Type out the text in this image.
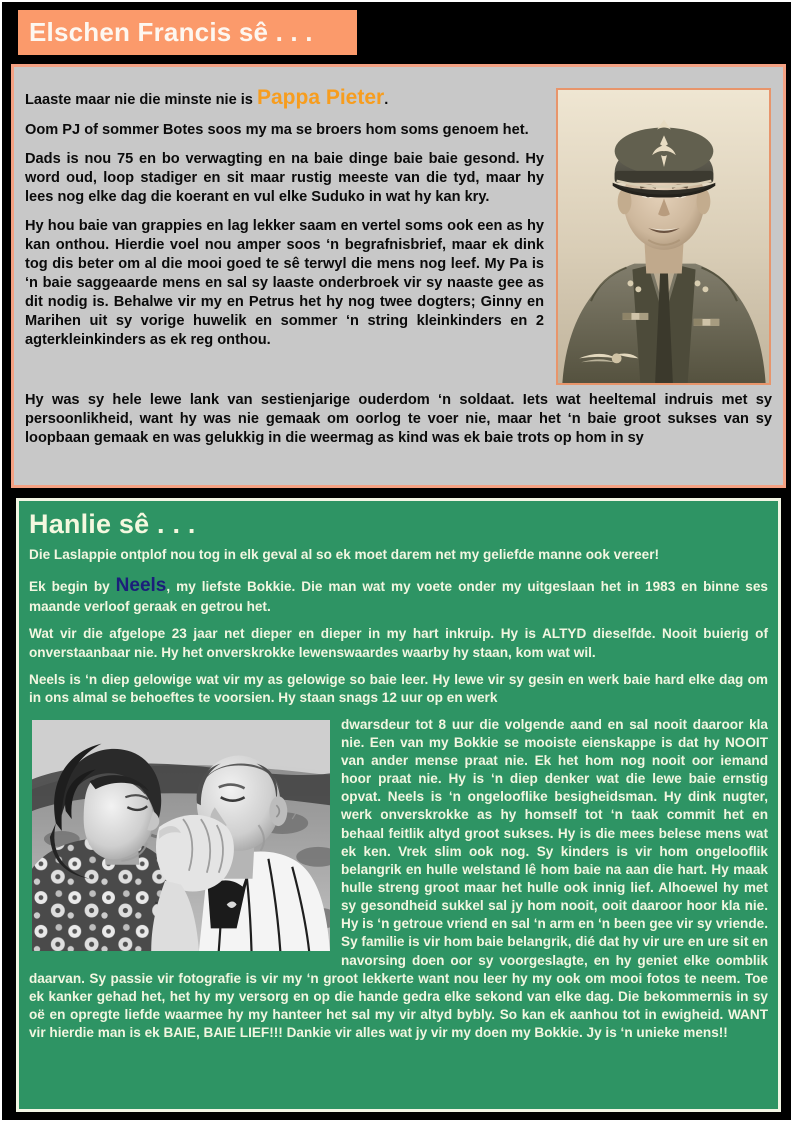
Elschen Francis sê . . .

Laaste maar nie die minste nie is Pappa Pieter.

Oom PJ of sommer Botes soos my ma se broers hom soms genoem het.

Dads is nou 75 en bo verwagting en na baie dinge baie baie gesond. Hy word oud, loop stadiger en sit maar rustig meeste van die tyd, maar hy lees nog elke dag die koerant en vul elke Suduko in wat hy kan kry.

Hy hou baie van grappies en lag lekker saam en vertel soms ook een as hy kan onthou. Hierdie voel nou amper soos ‘n begrafnisbrief, maar ek dink tog dis beter om al die mooi goed te sê terwyl die mens nog leef. My Pa is ‘n baie saggeaarde mens en sal sy laaste onderbroek vir sy naaste gee as dit nodig is. Behalwe vir my en Petrus het hy nog twee dogters; Ginny en Marihen uit sy vorige huwelik en sommer ‘n string kleinkinders en 2 agterkleinkinders as ek reg onthou.

Hy was sy hele lewe lank van sestienjarige ouderdom ‘n soldaat. Iets wat heeltemal indruis met sy persoonlikheid, want hy was nie gemaak om oorlog te voer nie, maar het ‘n baie groot sukses van sy loopbaan gemaak en was gelukkig in die weermag as kind was ek baie trots op hom in sy

Hanlie sê . . .

Die Laslappie ontplof nou tog in elk geval al so ek moet darem net my geliefde manne ook vereer!

Ek begin by Neels, my liefste Bokkie. Die man wat my voete onder my uitgeslaan het in 1983 en binne ses maande verloof geraak en getrou het.

Wat vir die afgelope 23 jaar net dieper en dieper in my hart inkruip. Hy is ALTYD dieselfde. Nooit buierig of onverstaanbaar nie. Hy het onverskrokke lewenswaardes waarby hy staan, kom wat wil.

Neels is ‘n diep gelowige wat vir my as gelowige so baie leer. Hy lewe vir sy gesin en werk baie hard elke dag om in ons almal se behoeftes te voorsien. Hy staan snags 12 uur op en werk

dwarsdeur tot 8 uur die volgende aand en sal nooit daaroor kla nie. Een van my Bokkie se mooiste eienskappe is dat hy NOOIT van ander mense praat nie. Ek het hom nog nooit oor iemand hoor praat nie. Hy is ‘n diep denker wat die lewe baie ernstig opvat. Neels is ‘n ongelooflike besigheidsman. Hy dink nugter, werk onverskrokke as hy homself tot ‘n taak commit het en behaal feitlik altyd groot sukses. Hy is die mees belese mens wat ek ken. Vrek slim ook nog. Sy kinders is vir hom ongelooflik belangrik en hulle welstand lê hom baie na aan die hart. Hy maak hulle streng groot maar het hulle ook innig lief. Alhoewel hy met sy gesondheid sukkel sal jy hom nooit, ooit daaroor hoor kla nie. Hy is ‘n getroue vriend en sal ‘n arm en ‘n been gee vir sy vriende. Sy familie is vir hom baie belangrik, dié dat hy vir ure en ure sit en navorsing doen oor sy voorgeslagte, en hy geniet elke oomblik daarvan. Sy passie vir fotografie is vir my ‘n groot lekkerte want nou leer hy my ook om mooi fotos te neem. Toe ek kanker gehad het, het hy my versorg en op die hande gedra elke sekond van elke dag. Die bekommernis in sy oë en opregte liefde waarmee hy my hanteer het sal my vir altyd bybly. So kan ek aanhou tot in ewigheid. WANT vir hierdie man is ek BAIE, BAIE LIEF!!! Dankie vir alles wat jy vir my doen my Bokkie. Jy is ‘n unieke mens!!
